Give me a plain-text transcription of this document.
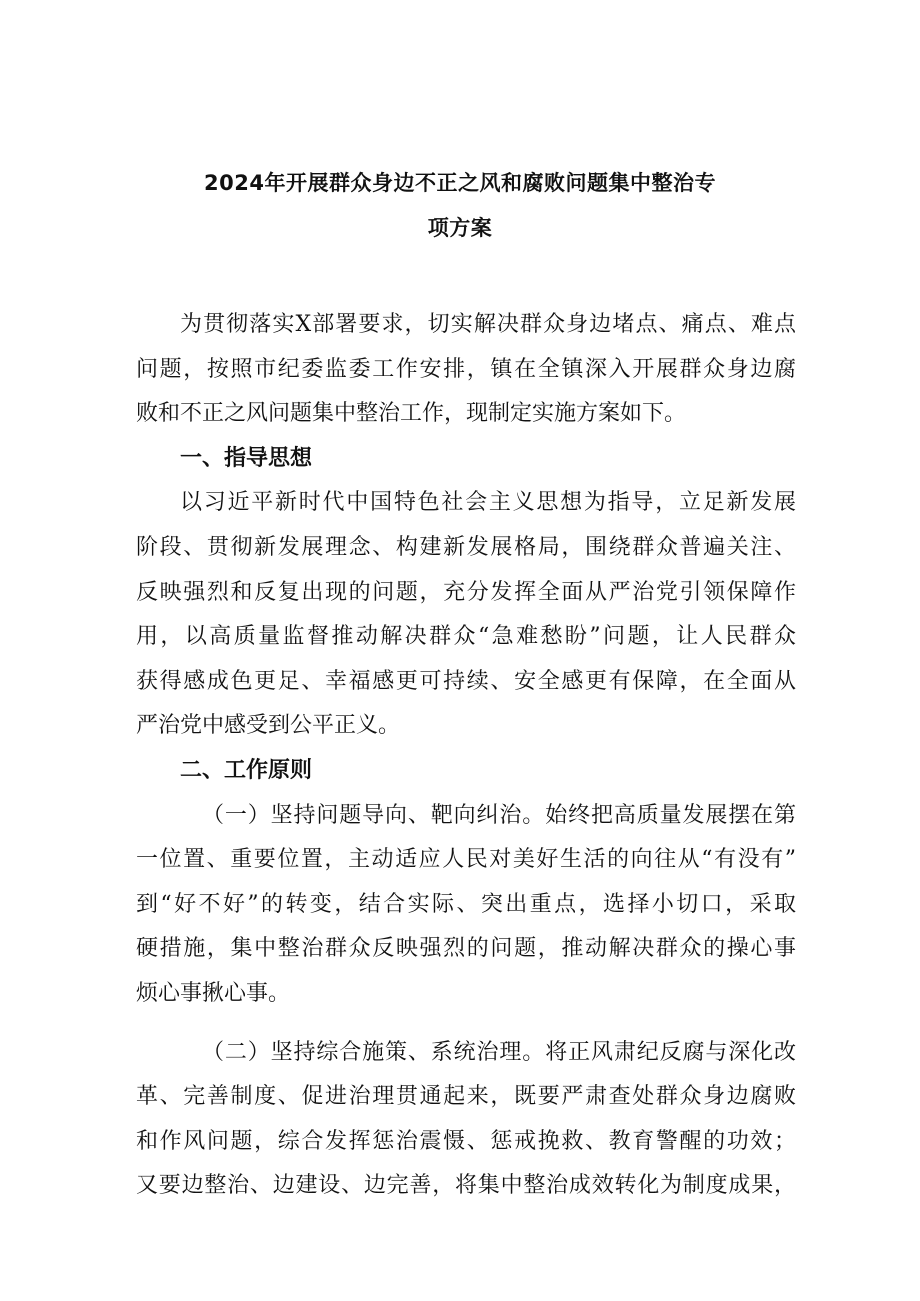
2024年开展群众身边不正之风和腐败问题集中整治专
项方案
为贯彻落实X部署要求，切实解决群众身边堵点、痛点、难点
问题，按照市纪委监委工作安排，镇在全镇深入开展群众身边腐
败和不正之风问题集中整治工作，现制定实施方案如下。
一、指导思想
以习近平新时代中国特色社会主义思想为指导，立足新发展
阶段、贯彻新发展理念、构建新发展格局，围绕群众普遍关注、
反映强烈和反复出现的问题，充分发挥全面从严治党引领保障作
用，以高质量监督推动解决群众“急难愁盼”问题，让人民群众
获得感成色更足、幸福感更可持续、安全感更有保障，在全面从
严治党中感受到公平正义。
二、工作原则
（一）坚持问题导向、靶向纠治。始终把高质量发展摆在第
一位置、重要位置，主动适应人民对美好生活的向往从“有没有”
到“好不好”的转变，结合实际、突出重点，选择小切口，采取
硬措施，集中整治群众反映强烈的问题，推动解决群众的操心事
烦心事揪心事。
（二）坚持综合施策、系统治理。将正风肃纪反腐与深化改
革、完善制度、促进治理贯通起来，既要严肃查处群众身边腐败
和作风问题，综合发挥惩治震慑、惩戒挽救、教育警醒的功效；
又要边整治、边建设、边完善，将集中整治成效转化为制度成果，
